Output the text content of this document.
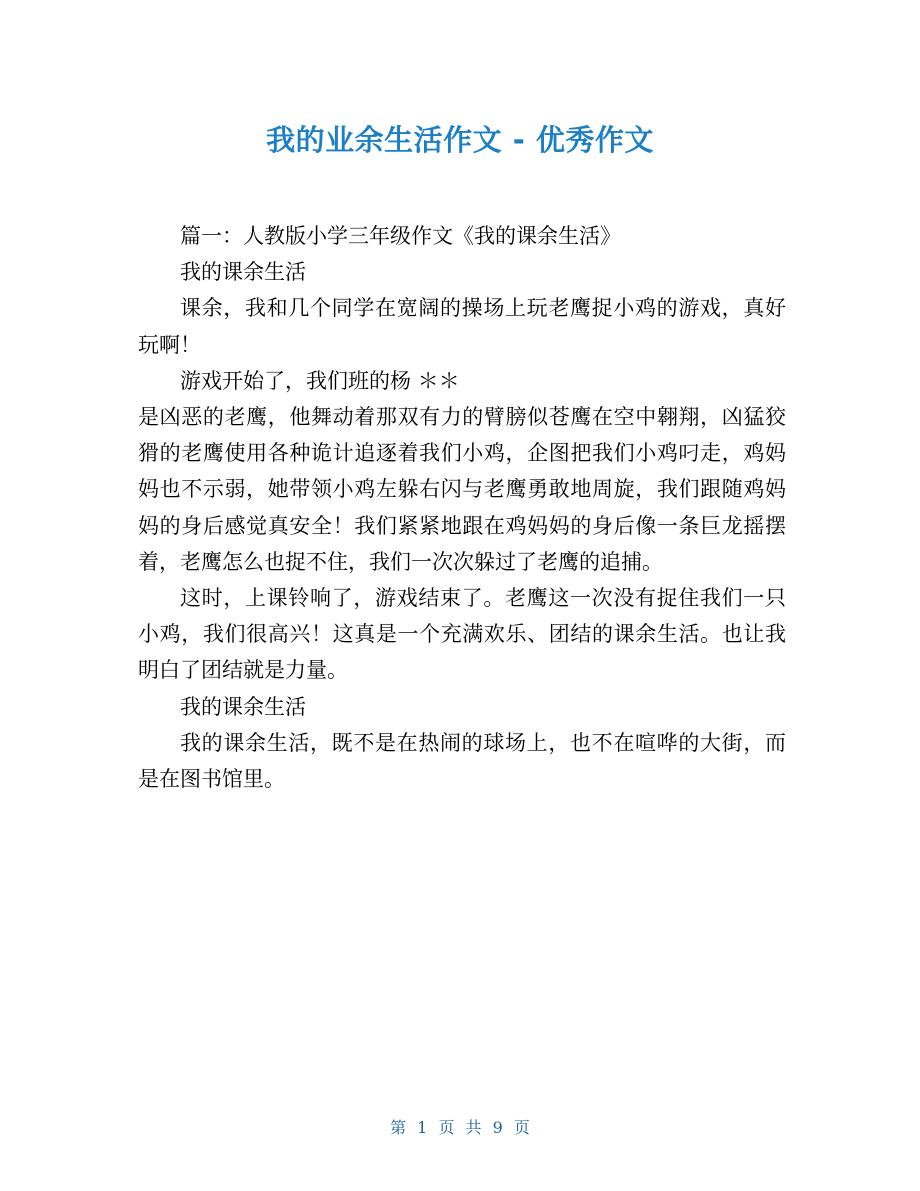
我的业余生活作文 - 优秀作文

篇一：人教版小学三年级作文《我的课余生活》

我的课余生活

课余，我和几个同学在宽阔的操场上玩老鹰捉小鸡的游戏，真好玩啊！

游戏开始了，我们班的杨 ＊＊

是凶恶的老鹰，他舞动着那双有力的臂膀似苍鹰在空中翱翔，凶猛狡猾的老鹰使用各种诡计追逐着我们小鸡，企图把我们小鸡叼走，鸡妈妈也不示弱，她带领小鸡左躲右闪与老鹰勇敢地周旋，我们跟随鸡妈妈的身后感觉真安全！我们紧紧地跟在鸡妈妈的身后像一条巨龙摇摆着，老鹰怎么也捉不住，我们一次次躲过了老鹰的追捕。

这时，上课铃响了，游戏结束了。老鹰这一次没有捉住我们一只小鸡，我们很高兴！这真是一个充满欢乐、团结的课余生活。也让我明白了团结就是力量。

我的课余生活

我的课余生活，既不是在热闹的球场上，也不在喧哗的大街，而是在图书馆里。

第 1 页 共 9 页
